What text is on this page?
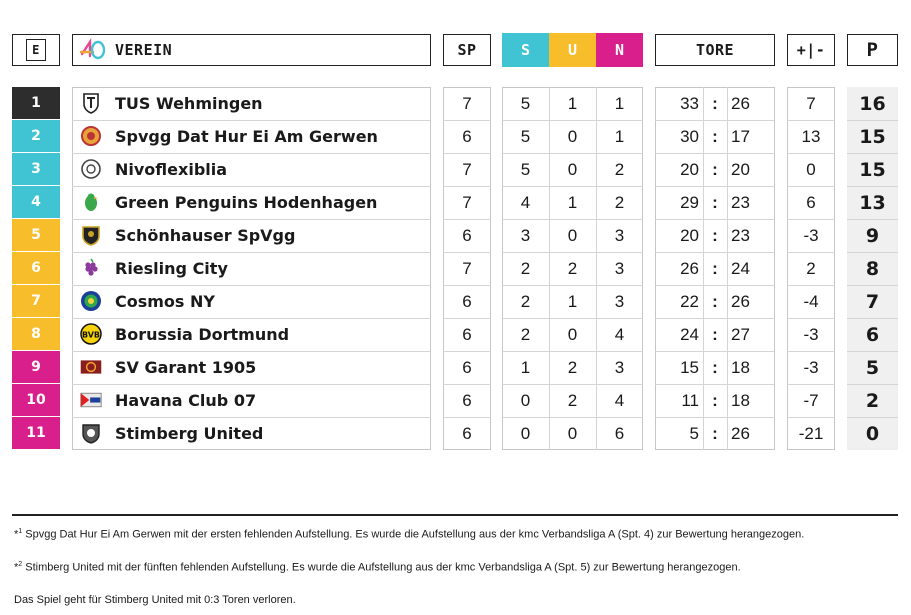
E	VEREIN	SP	S	U	N	TORE	+|-	P
1	TUS Wehmingen	7	5	1	1	33 : 26	7	16
2	Spvgg Dat Hur Ei Am Gerwen	6	5	0	1	30 : 17	13	15
3	Nivoflexiblia	7	5	0	2	20 : 20	0	15
4	Green Penguins Hodenhagen	7	4	1	2	29 : 23	6	13
5	Schönhauser SpVgg	6	3	0	3	20 : 23	-3	9
6	Riesling City	7	2	2	3	26 : 24	2	8
7	Cosmos NY	6	2	1	3	22 : 26	-4	7
8	BVB Borussia Dortmund	6	2	0	4	24 : 27	-3	6
9	SV Garant 1905	6	1	2	3	15 : 18	-3	5
10	Havana Club 07	6	0	2	4	11 : 18	-7	2
11	Stimberg United	6	0	0	6	5 : 26	-21	0
*$^1$ Spvgg Dat Hur Ei Am Gerwen mit der ersten fehlenden Aufstellung. Es wurde die Aufstellung aus der kmc Verbandsliga A (Spt. 4) zur Bewertung herangezogen.
*$^2$ Stimberg United mit der fünften fehlenden Aufstellung. Es wurde die Aufstellung aus der kmc Verbandsliga A (Spt. 5) zur Bewertung herangezogen.
Das Spiel geht für Stimberg United mit 0:3 Toren verloren.
